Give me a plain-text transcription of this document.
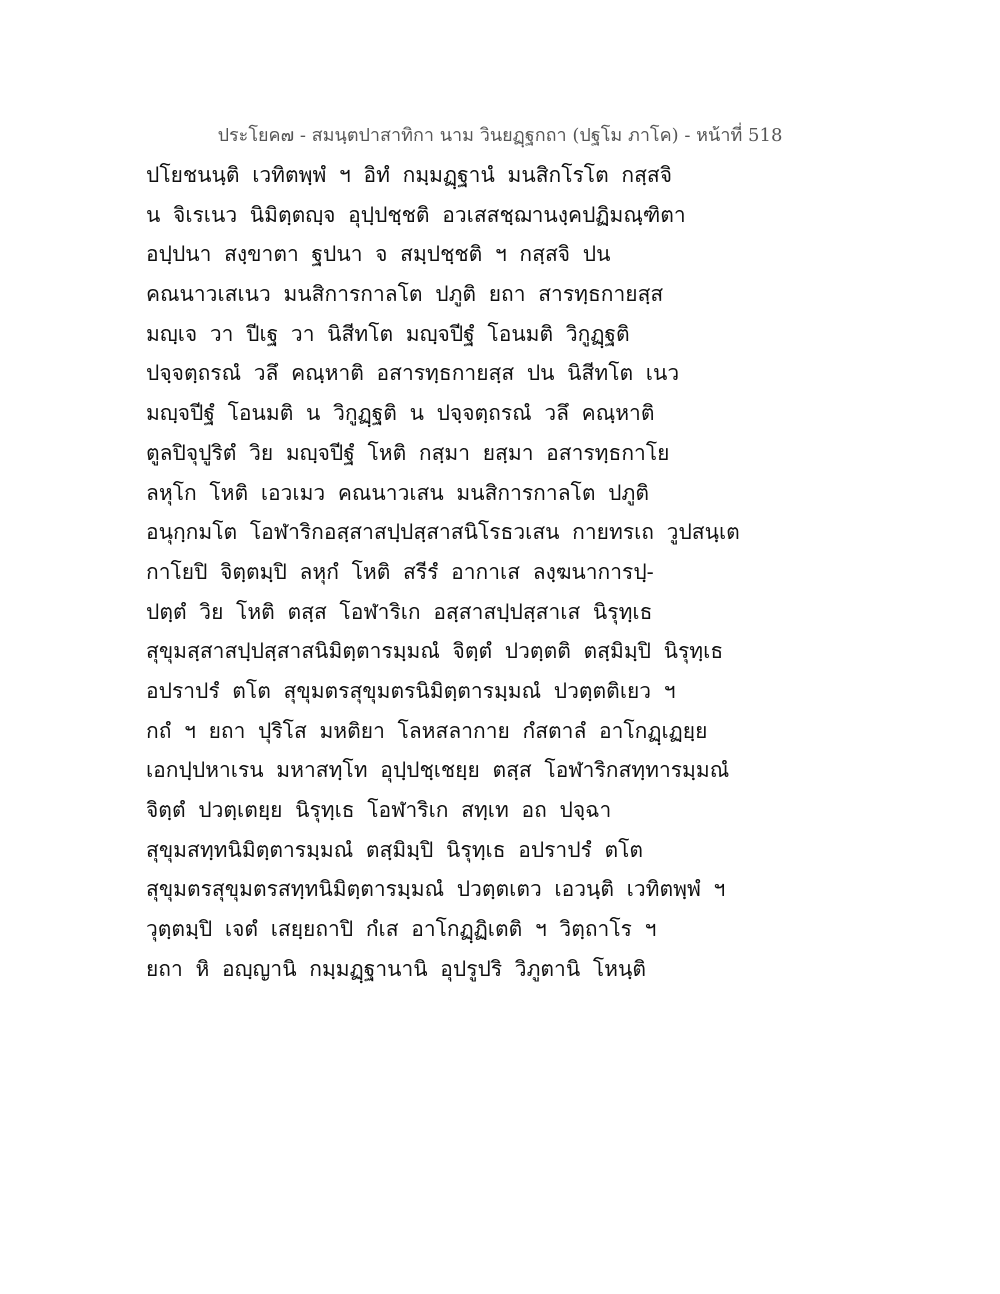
ประโยค๗ - สมนฺตปาสาทิกา นาม วินยฏฺฐกถา (ปฐโม ภาโค) - หน้าที่ 518
ปโยชนนฺติ เวทิตพฺพํ ฯ อิทํ กมฺมฏฺฐานํ มนสิกโรโต กสฺสจิ
น จิเรเนว นิมิตฺตญฺจ อุปฺปชฺชติ อวเสสชฺฌานงฺคปฏิมณฺฑิตา
อปฺปนา สงฺขาตา ฐปนา จ สมฺปชฺชติ ฯ กสฺสจิ ปน
คณนาวเสเนว มนสิการกาลโต ปภูติ ยถา สารทฺธกายสฺส
มญฺเจ วา ปีเฐ วา นิสีทโต มญฺจปีฐํ โอนมติ วิกูฏฺฐติ
ปจฺจตฺถรณํ วลึ คณฺหาติ อสารทฺธกายสฺส ปน นิสีทโต เนว
มญฺจปีฐํ โอนมติ น วิกูฏฺฐติ น ปจฺจตฺถรณํ วลึ คณฺหาติ
ตูลปิจุปูริตํ วิย มญฺจปีฐํ โหติ กสฺมา ยสฺมา อสารทฺธกาโย
ลหุโก โหติ เอวเมว คณนาวเสน มนสิการกาลโต ปภูติ
อนุกฺกมโต โอฬาริกอสฺสาสปฺปสฺสาสนิโรธวเสน กายทรเถ วูปสนฺเต
กาโยปิ จิตฺตมฺปิ ลหุกํ โหติ สรีรํ อากาเส ลงฺฆนาการปฺ-
ปตฺตํ วิย โหติ ตสฺส โอฬาริเก อสฺสาสปฺปสฺสาเส นิรุทฺเธ
สุขุมสฺสาสปฺปสฺสาสนิมิตฺตารมฺมณํ จิตฺตํ ปวตฺตติ ตสฺมิมฺปิ นิรุทฺเธ
อปราปรํ ตโต สุขุมตรสุขุมตรนิมิตฺตารมฺมณํ ปวตฺตติเยว ฯ
กถํ ฯ ยถา ปุริโส มหติยา โลหสลากาย กํสตาลํ อาโกฏฺเฏยฺย
เอกปฺปหาเรน มหาสทฺโท อุปฺปชฺเชยฺย ตสฺส โอฬาริกสทฺทารมฺมณํ
จิตฺตํ ปวตฺเตยฺย นิรุทฺเธ โอฬาริเก สทฺเท อถ ปจฺฉา
สุขุมสทฺทนิมิตฺตารมฺมณํ ตสฺมิมฺปิ นิรุทฺเธ อปราปรํ ตโต
สุขุมตรสุขุมตรสทฺทนิมิตฺตารมฺมณํ ปวตฺตเตว เอวนฺติ เวทิตพฺพํ ฯ
วุตฺตมฺปิ เจตํ เสยฺยถาปิ กํเส อาโกฏฺฏิเตติ ฯ วิตฺถาโร ฯ
ยถา หิ อญฺญานิ กมฺมฏฺฐานานิ อุปรูปริ วิภูตานิ โหนฺติ
